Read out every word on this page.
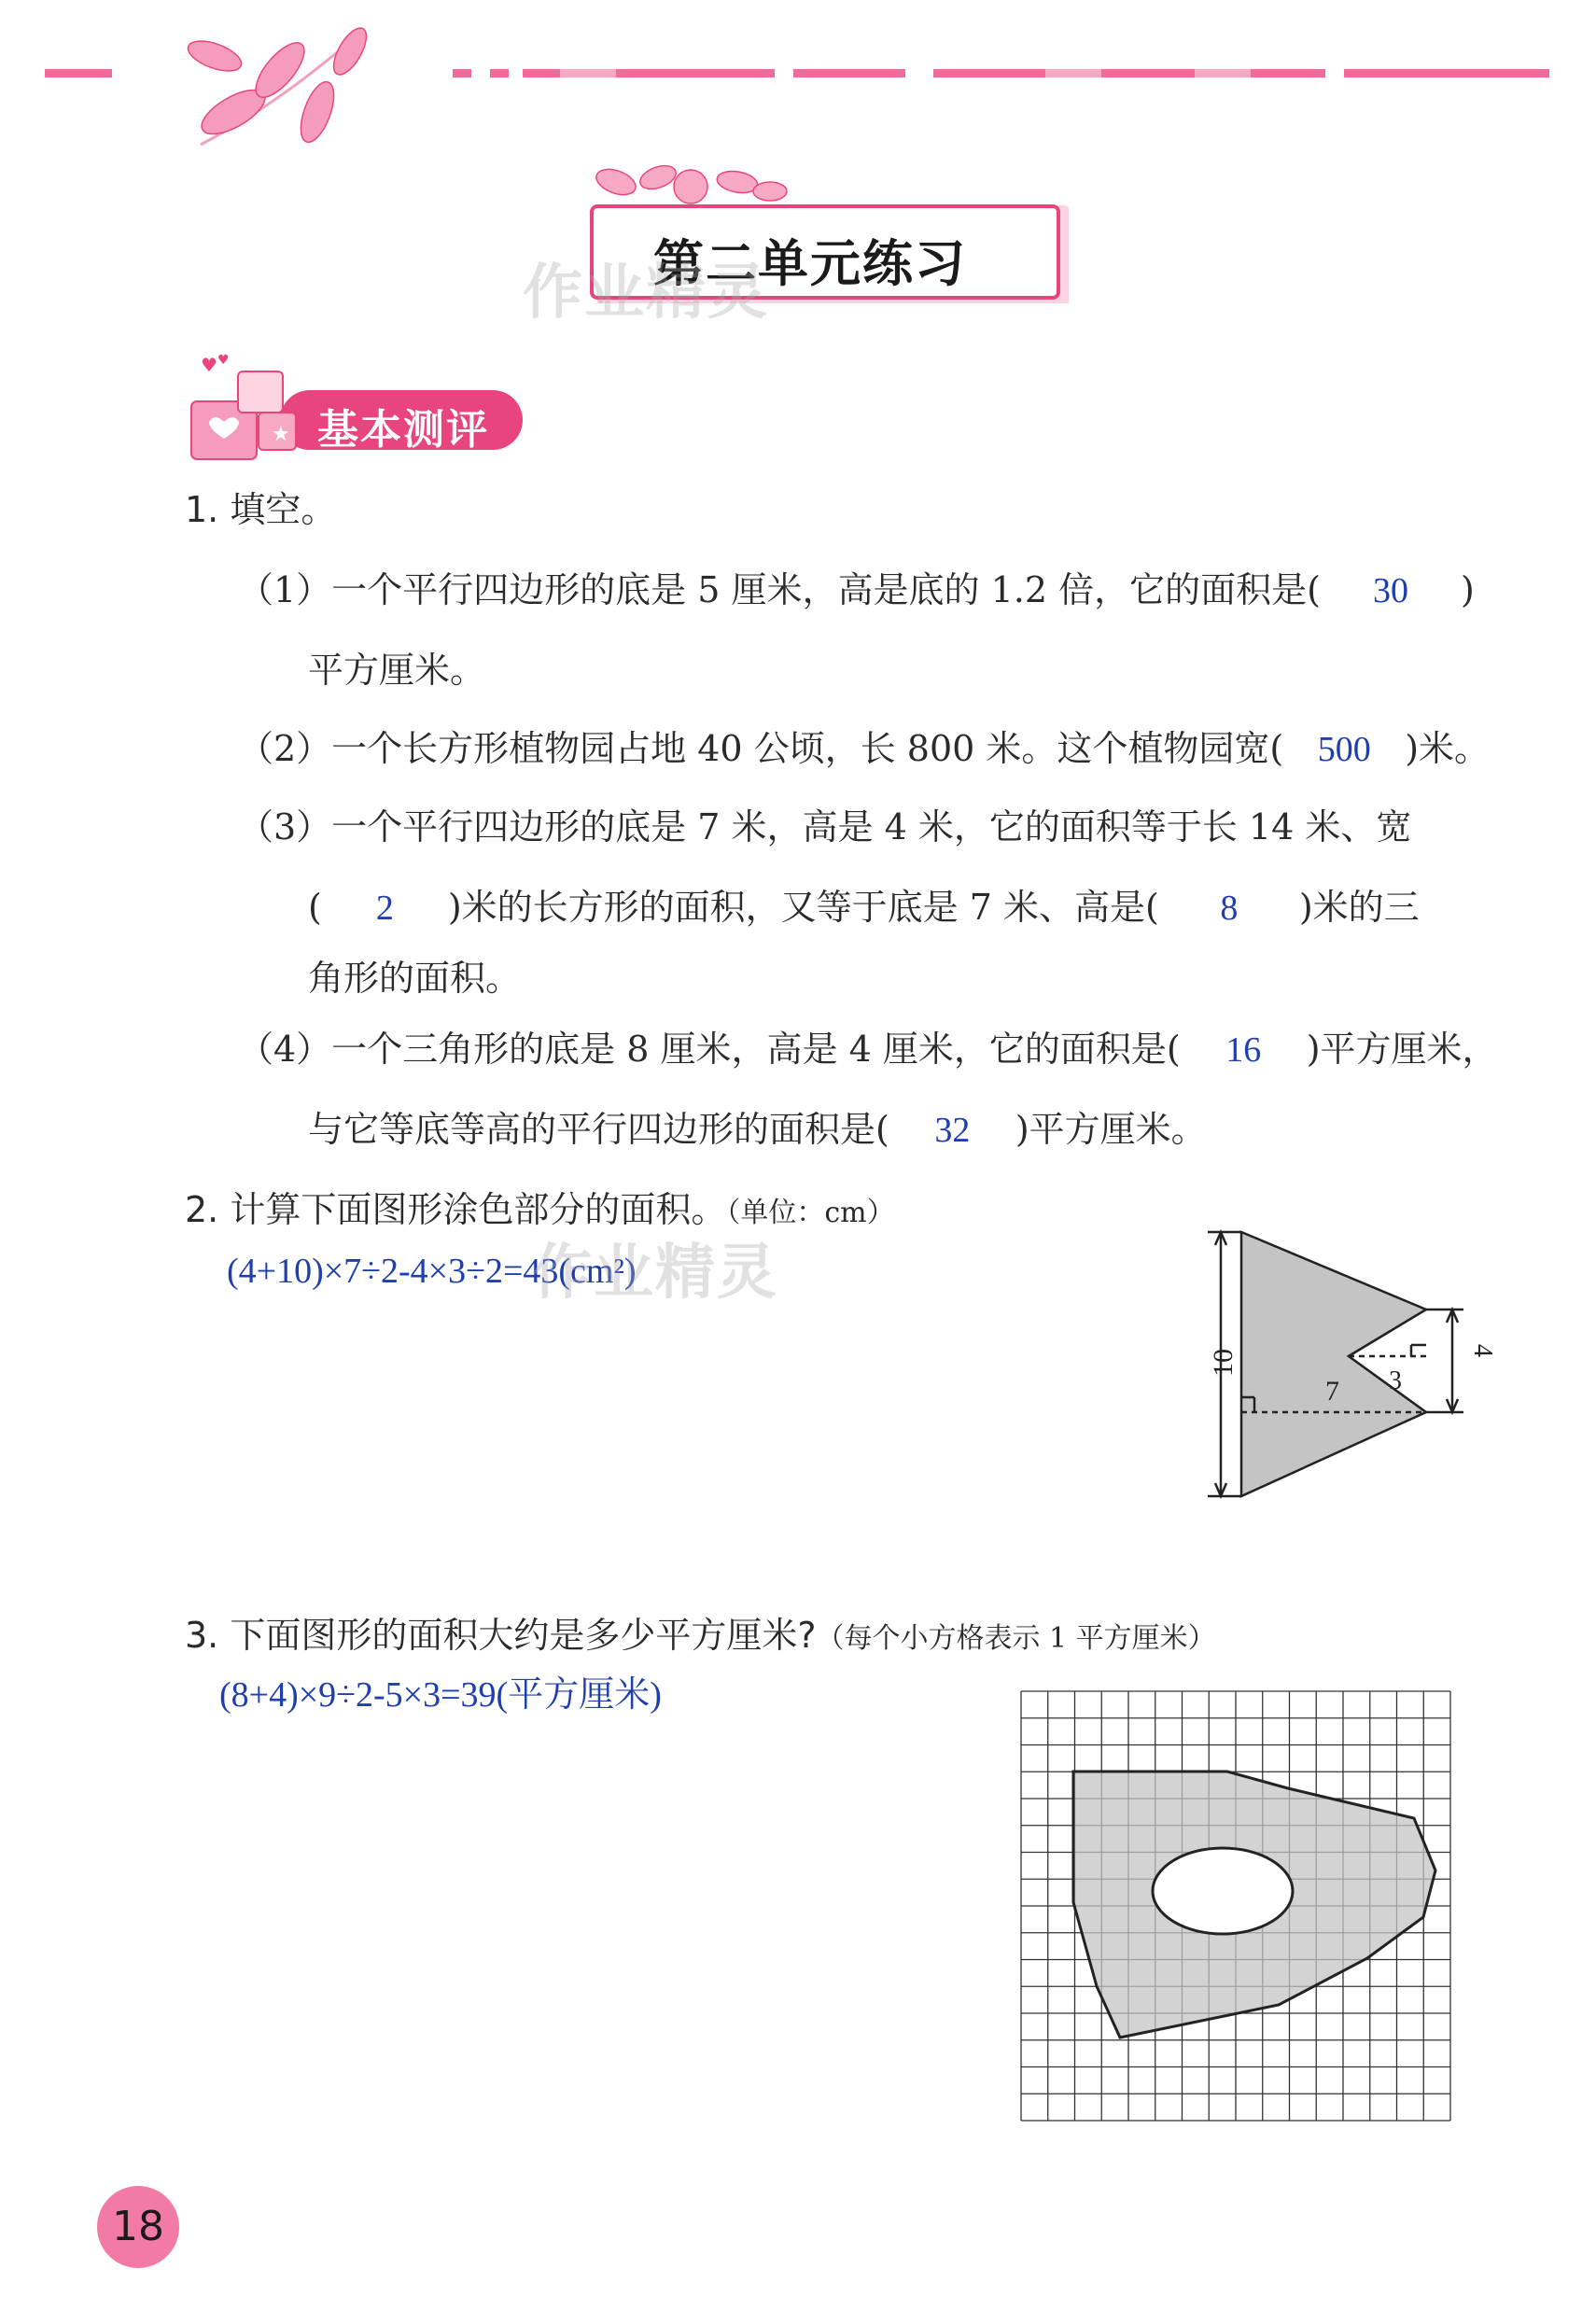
第二单元练习
作业精灵
★
♥ ♥
基本测评
1. 填空。
（1）一个平行四边形的底是 5 厘米，高是底的 1.2 倍，它的面积是( 30 )
平方厘米。
（2）一个长方形植物园占地 40 公顷，长 800 米。这个植物园宽( 500 )米。
（3）一个平行四边形的底是 7 米，高是 4 米，它的面积等于长 14 米、宽
( 2 )米的长方形的面积，又等于底是 7 米、高是( 8 )米的三
角形的面积。
（4）一个三角形的底是 8 厘米，高是 4 厘米，它的面积是( 16 )平方厘米，
与它等底等高的平行四边形的面积是( 32 )平方厘米。
2. 计算下面图形涂色部分的面积。（单位：cm）
(4+10)×7÷2-4×3÷2=43(cm²)
作业精灵
10
7 3
4
3. 下面图形的面积大约是多少平方厘米?（每个小方格表示 1 平方厘米）
(8+4)×9÷2-5×3=39(平方厘米)
18
